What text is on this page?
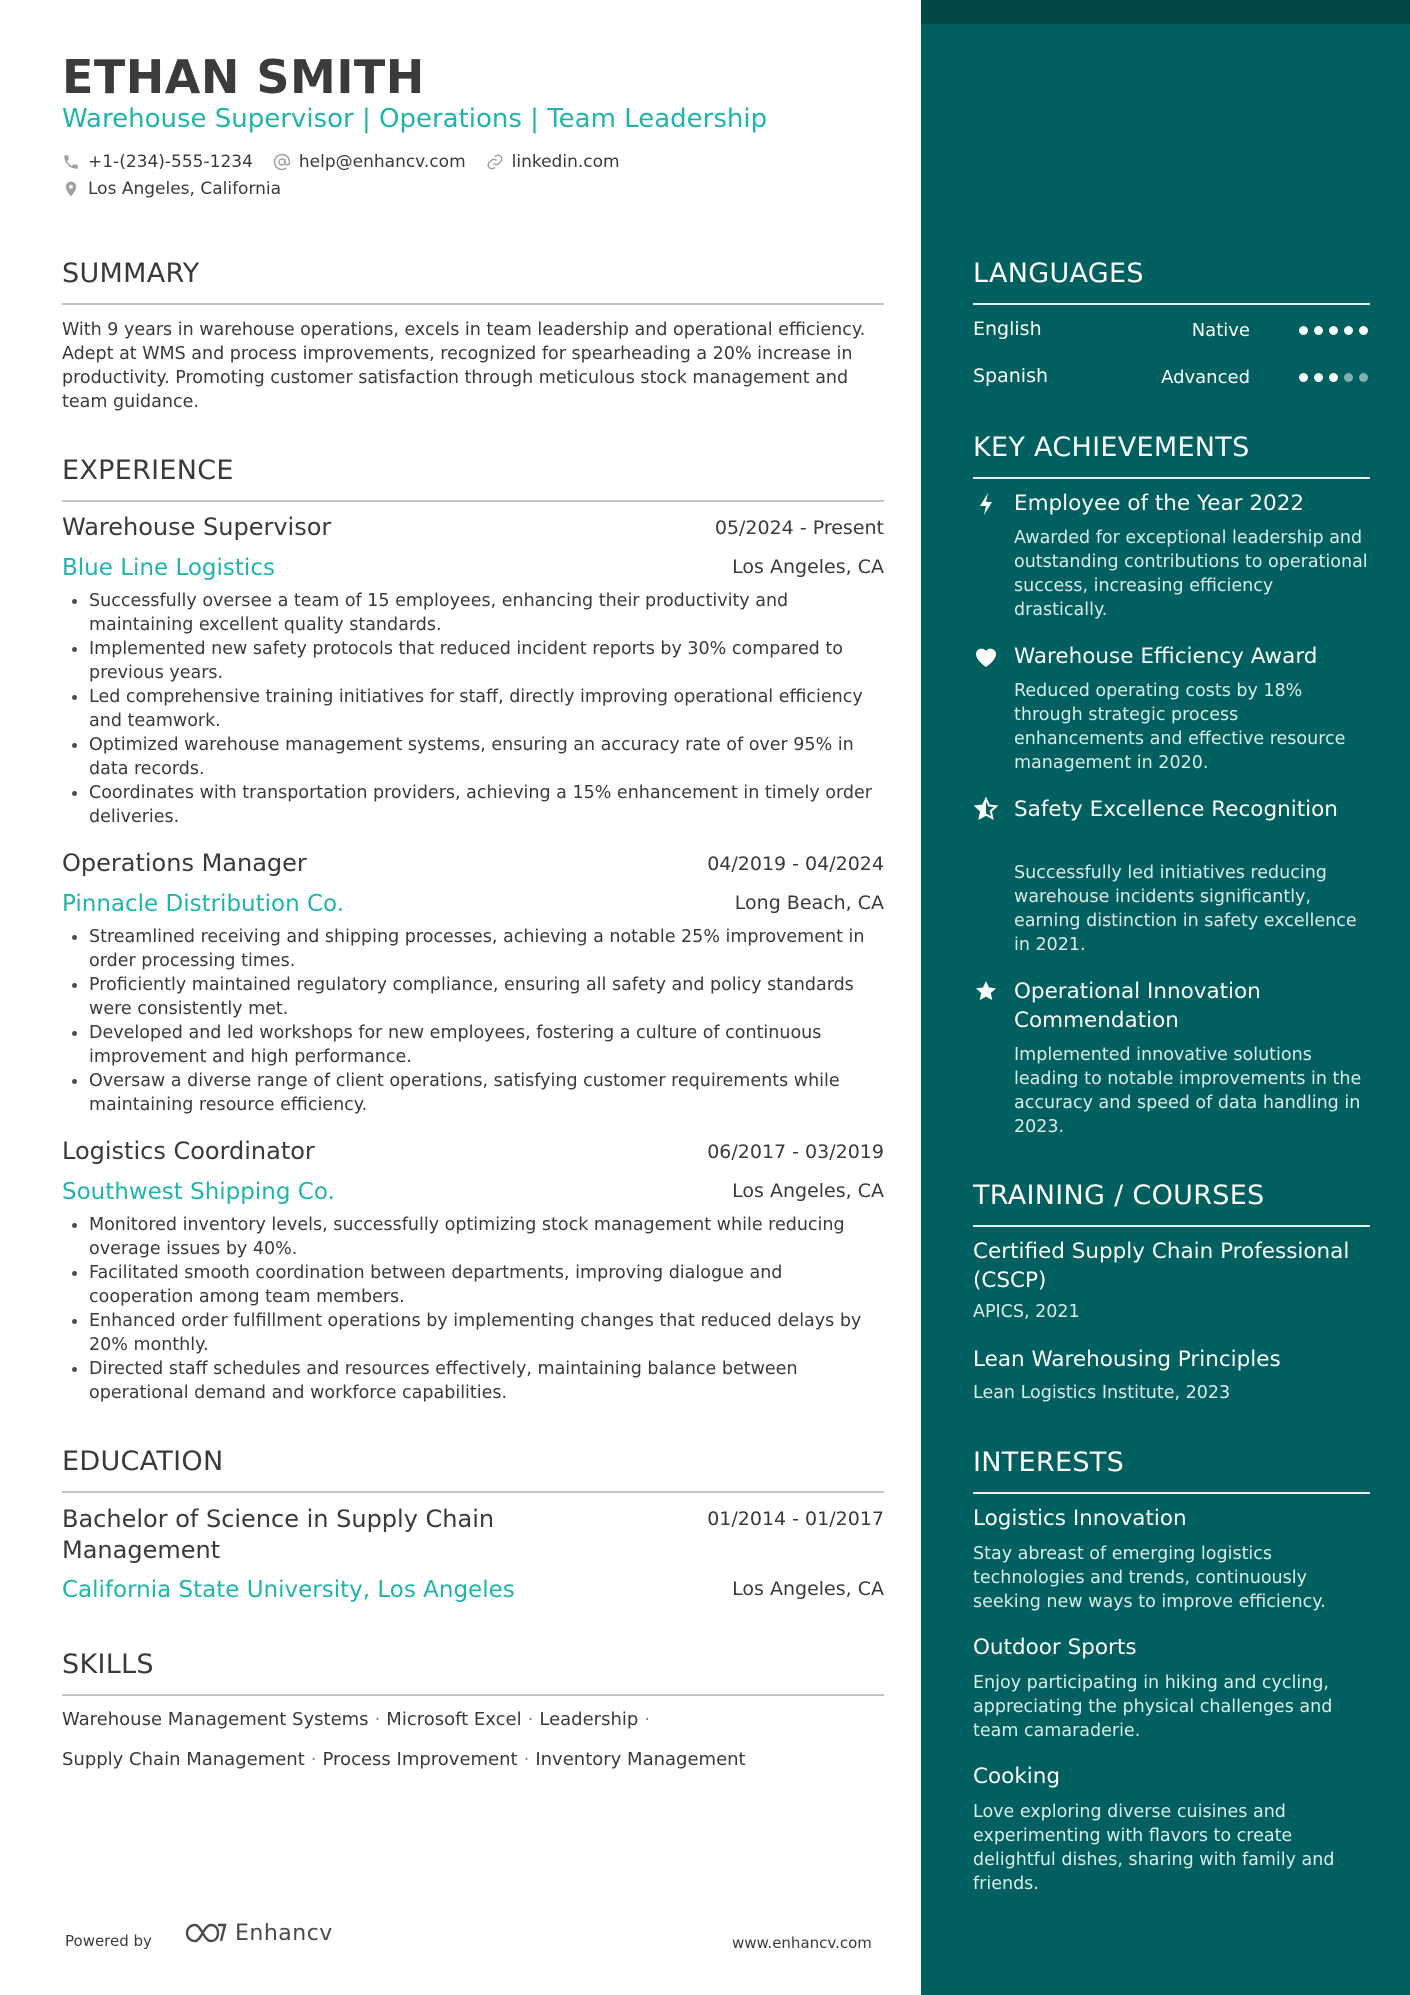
ETHAN SMITH
Warehouse Supervisor | Operations | Team Leadership
+1-(234)-555-1234	help@enhancv.com	linkedin.com
Los Angeles, California
SUMMARY
With 9 years in warehouse operations, excels in team leadership and operational efficiency. Adept at WMS and process improvements, recognized for spearheading a 20% increase in productivity. Promoting customer satisfaction through meticulous stock management and team guidance.
EXPERIENCE
Warehouse Supervisor	05/2024 - Present
Blue Line Logistics	Los Angeles, CA
Successfully oversee a team of 15 employees, enhancing their productivity and maintaining excellent quality standards.
Implemented new safety protocols that reduced incident reports by 30% compared to previous years.
Led comprehensive training initiatives for staff, directly improving operational efficiency and teamwork.
Optimized warehouse management systems, ensuring an accuracy rate of over 95% in data records.
Coordinates with transportation providers, achieving a 15% enhancement in timely order deliveries.
Operations Manager	04/2019 - 04/2024
Pinnacle Distribution Co.	Long Beach, CA
Streamlined receiving and shipping processes, achieving a notable 25% improvement in order processing times.
Proficiently maintained regulatory compliance, ensuring all safety and policy standards were consistently met.
Developed and led workshops for new employees, fostering a culture of continuous improvement and high performance.
Oversaw a diverse range of client operations, satisfying customer requirements while maintaining resource efficiency.
Logistics Coordinator	06/2017 - 03/2019
Southwest Shipping Co.	Los Angeles, CA
Monitored inventory levels, successfully optimizing stock management while reducing overage issues by 40%.
Facilitated smooth coordination between departments, improving dialogue and cooperation among team members.
Enhanced order fulfillment operations by implementing changes that reduced delays by 20% monthly.
Directed staff schedules and resources effectively, maintaining balance between operational demand and workforce capabilities.
EDUCATION
Bachelor of Science in Supply Chain Management
01/2014 - 01/2017
California State University, Los Angeles	Los Angeles, CA
SKILLS
Warehouse Management Systems · Microsoft Excel · Leadership ·
Supply Chain Management · Process Improvement · Inventory Management
Powered by	Enhancv	www.enhancv.com
LANGUAGES
English	Native
Spanish	Advanced
KEY ACHIEVEMENTS
Employee of the Year 2022
Awarded for exceptional leadership and outstanding contributions to operational success, increasing efficiency drastically.
Warehouse Efficiency Award
Reduced operating costs by 18% through strategic process enhancements and effective resource management in 2020.
Safety Excellence Recognition
Successfully led initiatives reducing warehouse incidents significantly, earning distinction in safety excellence in 2021.
Operational Innovation Commendation
Implemented innovative solutions leading to notable improvements in the accuracy and speed of data handling in 2023.
TRAINING / COURSES
Certified Supply Chain Professional (CSCP)
APICS, 2021
Lean Warehousing Principles
Lean Logistics Institute, 2023
INTERESTS
Logistics Innovation
Stay abreast of emerging logistics technologies and trends, continuously seeking new ways to improve efficiency.
Outdoor Sports
Enjoy participating in hiking and cycling, appreciating the physical challenges and team camaraderie.
Cooking
Love exploring diverse cuisines and experimenting with flavors to create delightful dishes, sharing with family and friends.
